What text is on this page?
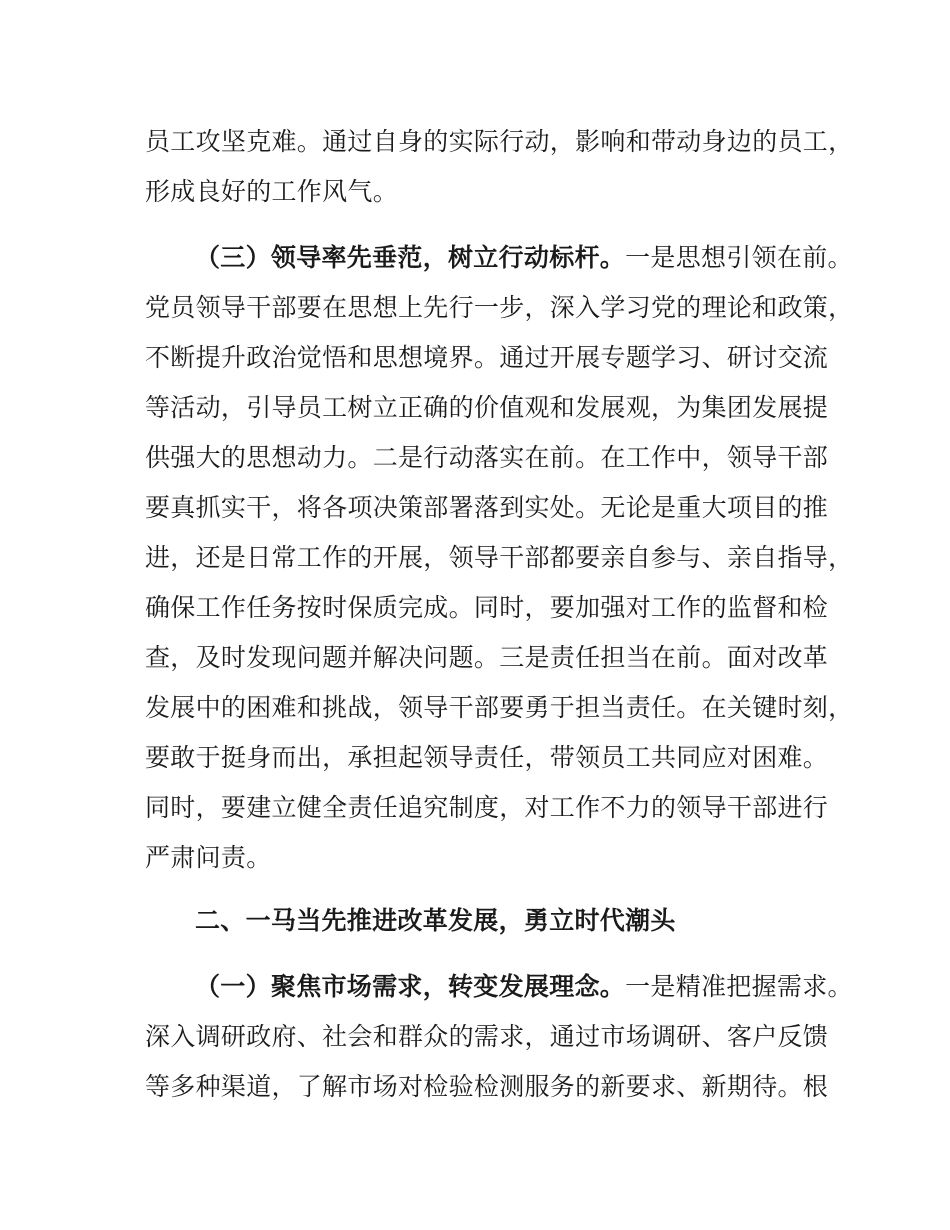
员工攻坚克难。通过自身的实际行动，影响和带动身边的员工，
形成良好的工作风气。
（三）领导率先垂范，树立行动标杆。一是思想引领在前。
党员领导干部要在思想上先行一步，深入学习党的理论和政策，
不断提升政治觉悟和思想境界。通过开展专题学习、研讨交流
等活动，引导员工树立正确的价值观和发展观，为集团发展提
供强大的思想动力。二是行动落实在前。在工作中，领导干部
要真抓实干，将各项决策部署落到实处。无论是重大项目的推
进，还是日常工作的开展，领导干部都要亲自参与、亲自指导，
确保工作任务按时保质完成。同时，要加强对工作的监督和检
查，及时发现问题并解决问题。三是责任担当在前。面对改革
发展中的困难和挑战，领导干部要勇于担当责任。在关键时刻，
要敢于挺身而出，承担起领导责任，带领员工共同应对困难。
同时，要建立健全责任追究制度，对工作不力的领导干部进行
严肃问责。
二、一马当先推进改革发展，勇立时代潮头
（一）聚焦市场需求，转变发展理念。一是精准把握需求。
深入调研政府、社会和群众的需求，通过市场调研、客户反馈
等多种渠道，了解市场对检验检测服务的新要求、新期待。根
